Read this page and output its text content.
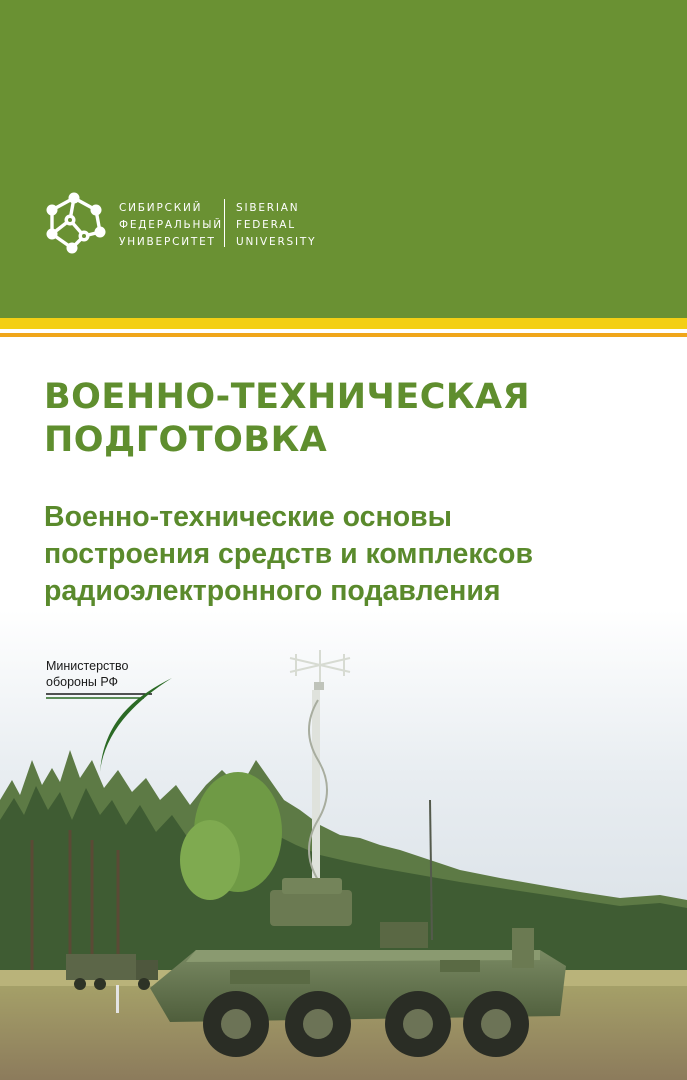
СИБИРСКИЙ
ФЕДЕРАЛЬНЫЙ
УНИВЕРСИТЕТ
SIBERIAN
FEDERAL
UNIVERSITY
ВОЕННО-ТЕХНИЧЕСКАЯ
ПОДГОТОВКА
Военно-технические основы
построения средств и комплексов
радиоэлектронного подавления
Министерство
обороны РФ
